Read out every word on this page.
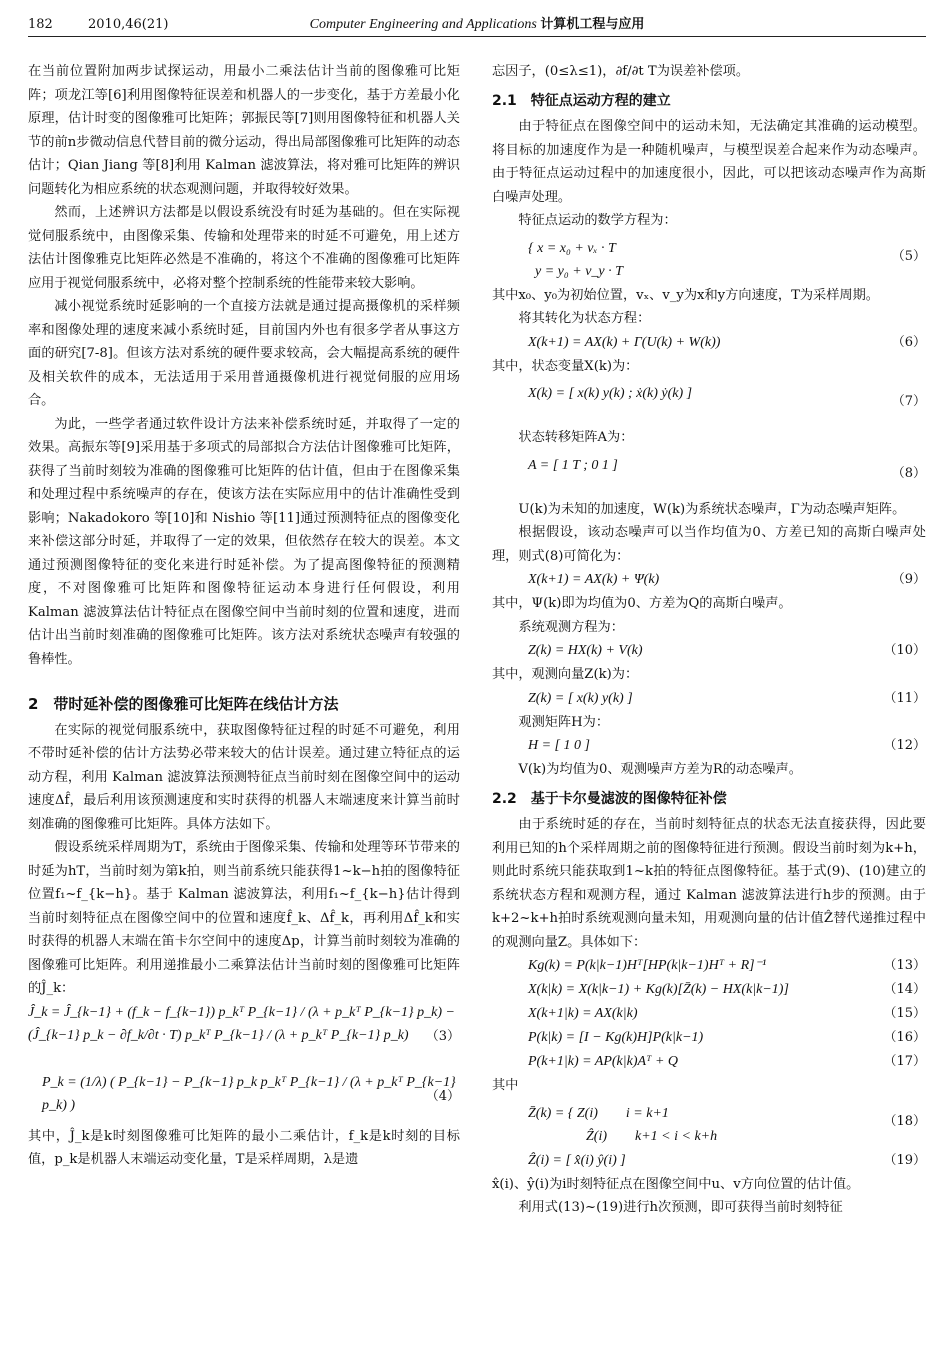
182	2010,46(21)	Computer Engineering and Applications 计算机工程与应用

在当前位置附加两步试探运动，用最小二乘法估计当前的图像雅可比矩阵；项龙江等[6]利用图像特征误差和机器人的一步变化，基于方差最小化原理，估计时变的图像雅可比矩阵；郭振民等[7]则用图像特征和机器人关节的前n步微动信息代替目前的微分运动，得出局部图像雅可比矩阵的动态估计；Qian Jiang 等[8]利用 Kalman 滤波算法，将对雅可比矩阵的辨识问题转化为相应系统的状态观测问题，并取得较好效果。

然而，上述辨识方法都是以假设系统没有时延为基础的。但在实际视觉伺服系统中，由图像采集、传输和处理带来的时延不可避免，用上述方法估计图像雅克比矩阵必然是不准确的，将这个不准确的图像雅可比矩阵应用于视觉伺服系统中，必将对整个控制系统的性能带来较大影响。

减小视觉系统时延影响的一个直接方法就是通过提高摄像机的采样频率和图像处理的速度来减小系统时延，目前国内外也有很多学者从事这方面的研究[7-8]。但该方法对系统的硬件要求较高，会大幅提高系统的硬件及相关软件的成本，无法适用于采用普通摄像机进行视觉伺服的应用场合。

为此，一些学者通过软件设计方法来补偿系统时延，并取得了一定的效果。高振东等[9]采用基于多项式的局部拟合方法估计图像雅可比矩阵，获得了当前时刻较为准确的图像雅可比矩阵的估计值，但由于在图像采集和处理过程中系统噪声的存在，使该方法在实际应用中的估计准确性受到影响；Nakadokoro 等[10]和 Nishio 等[11]通过预测特征点的图像变化来补偿这部分时延，并取得了一定的效果，但依然存在较大的误差。本文通过预测图像特征的变化来进行时延补偿。为了提高图像特征的预测精度，不对图像雅可比矩阵和图像特征运动本身进行任何假设，利用 Kalman 滤波算法估计特征点在图像空间中当前时刻的位置和速度，进而估计出当前时刻准确的图像雅可比矩阵。该方法对系统状态噪声有较强的鲁棒性。

2　带时延补偿的图像雅可比矩阵在线估计方法

在实际的视觉伺服系统中，获取图像特征过程的时延不可避免，利用不带时延补偿的估计方法势必带来较大的估计误差。通过建立特征点的运动方程，利用 Kalman 滤波算法预测特征点当前时刻在图像空间中的运动速度Δf̂，最后利用该预测速度和实时获得的机器人末端速度来计算当前时刻准确的图像雅可比矩阵。具体方法如下。

假设系统采样周期为T，系统由于图像采集、传输和处理等环节带来的时延为hT，当前时刻为第k拍，则当前系统只能获得1~k−h拍的图像特征位置f₁~f_{k−h}。基于 Kalman 滤波算法，利用f₁~f_{k−h}估计得到当前时刻特征点在图像空间中的位置和速度f̂_k、Δf̂_k，再利用Δf̂_k和实时获得的机器人末端在笛卡尔空间中的速度Δp，计算当前时刻较为准确的图像雅可比矩阵。利用递推最小二乘算法估计当前时刻的图像雅可比矩阵的Ĵ_k：

Ĵ_k = Ĵ_{k−1} + (f_k − f_{k−1}) p_kᵀ P_{k−1} / (λ + p_kᵀ P_{k−1} p_k) − (Ĵ_{k−1} p_k − ∂f_k/∂t · T) p_kᵀ P_{k−1} / (λ + p_kᵀ P_{k−1} p_k) （3）
P_k = (1/λ) ( P_{k−1} − P_{k−1} p_k p_kᵀ P_{k−1} / (λ + p_kᵀ P_{k−1} p_k) )
（4）

其中，Ĵ_k是k时刻图像雅可比矩阵的最小二乘估计，f_k是k时刻的目标值，p_k是机器人末端运动变化量，T是采样周期，λ是遗

忘因子，(0≤λ≤1)，∂f/∂t T为误差补偿项。

2.1　特征点运动方程的建立

由于特征点在图像空间中的运动未知，无法确定其准确的运动模型。将目标的加速度作为是一种随机噪声，与模型误差合起来作为动态噪声。由于特征点运动过程中的加速度很小，因此，可以把该动态噪声作为高斯白噪声处理。

特征点运动的数学方程为：

{ x = x₀ + vₓ · T
y = y₀ + v_y · T
（5）

其中x₀、y₀为初始位置，vₓ、v_y为x和y方向速度，T为采样周期。

将其转化为状态方程：

X(k+1) = AX(k) + Γ(U(k) + W(k))	（6）

其中，状态变量X(k)为：

X(k) = [ x(k) y(k) ; ẋ(k) ẏ(k) ]
（7）

状态转移矩阵A为：

A = [ 1 T ; 0 1 ]
（8）

U(k)为未知的加速度，W(k)为系统状态噪声，Γ为动态噪声矩阵。

根据假设，该动态噪声可以当作均值为0、方差已知的高斯白噪声处理，则式(8)可简化为：

X(k+1) = AX(k) + Ψ(k)	（9）

其中，Ψ(k)即为均值为0、方差为Q的高斯白噪声。

系统观测方程为：

Z(k) = HX(k) + V(k)	（10）

其中，观测向量Z(k)为：

Z(k) = [ x(k) y(k) ]	（11）

观测矩阵H为：

H = [ 1 0 ]	（12）

V(k)为均值为0、观测噪声方差为R的动态噪声。

2.2　基于卡尔曼滤波的图像特征补偿

由于系统时延的存在，当前时刻特征点的状态无法直接获得，因此要利用已知的h个采样周期之前的图像特征进行预测。假设当前时刻为k+h，则此时系统只能获取到1~k拍的特征点图像特征。基于式(9)、(10)建立的系统状态方程和观测方程，通过 Kalman 滤波算法进行h步的预测。由于k+2~k+h拍时系统观测向量未知，用观测向量的估计值Ẑ替代递推过程中的观测向量Z。具体如下：

Kg(k) = P(k|k−1)Hᵀ[HP(k|k−1)Hᵀ + R]⁻¹	（13）
X(k|k) = X(k|k−1) + Kg(k)[Z̄(k) − HX(k|k−1)]	（14）
X(k+1|k) = AX(k|k)	（15）
P(k|k) = [I − Kg(k)H]P(k|k−1)	（16）
P(k+1|k) = AP(k|k)Aᵀ + Q	（17）

其中

Z̄(k) = { Z(i)　　i = k+1
Ẑ(i)　　k+1 < i < k+h
（18）
Ẑ(i) = [ x̂(i) ŷ(i) ]	（19）

x̂(i)、ŷ(i)为i时刻特征点在图像空间中u、v方向位置的估计值。

利用式(13)~(19)进行h次预测，即可获得当前时刻特征
